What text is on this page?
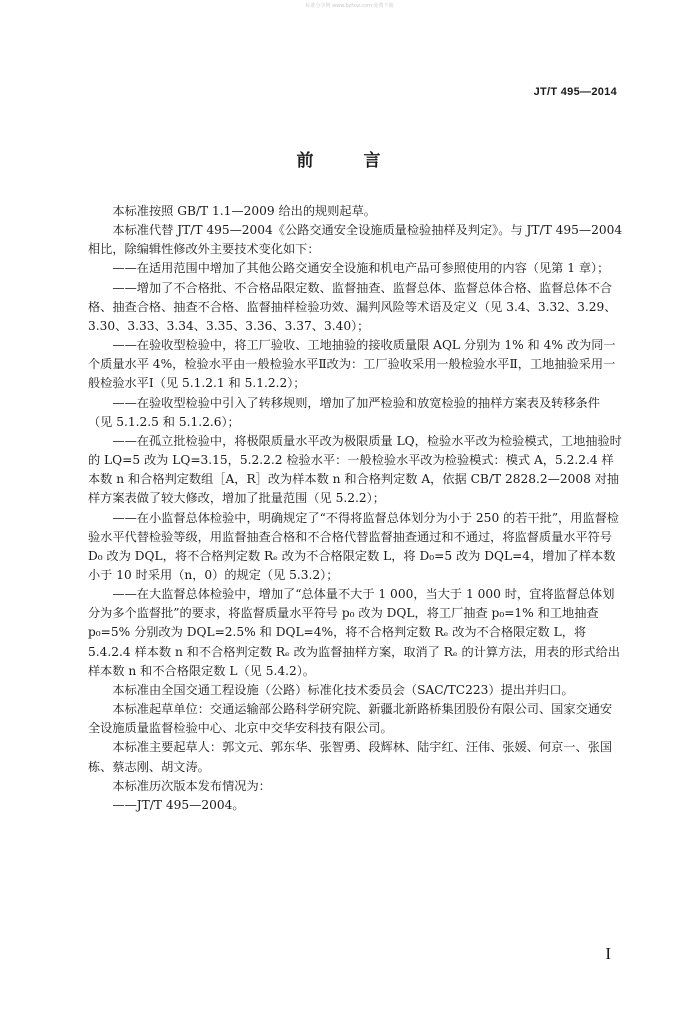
标准分享网 www.bzfxw.com 免费下载
JT/T 495—2014
前 言

本标准按照 GB/T 1.1—2009 给出的规则起草。

本标准代替 JT/T 495—2004《公路交通安全设施质量检验抽样及判定》。与 JT/T 495—2004 相比，除编辑性修改外主要技术变化如下：

——在适用范围中增加了其他公路交通安全设施和机电产品可参照使用的内容（见第 1 章）；

——增加了不合格批、不合格品限定数、监督抽查、监督总体、监督总体合格、监督总体不合格、抽查合格、抽查不合格、监督抽样检验功效、漏判风险等术语及定义（见 3.4、3.32、3.29、3.30、3.33、3.34、3.35、3.36、3.37、3.40）；

——在验收型检验中，将工厂验收、工地抽验的接收质量限 AQL 分别为 1% 和 4% 改为同一个质量水平 4%，检验水平由一般检验水平Ⅱ改为：工厂验收采用一般检验水平Ⅱ，工地抽验采用一般检验水平Ⅰ（见 5.1.2.1 和 5.1.2.2）；

——在验收型检验中引入了转移规则，增加了加严检验和放宽检验的抽样方案表及转移条件（见 5.1.2.5 和 5.1.2.6）；

——在孤立批检验中，将极限质量水平改为极限质量 LQ，检验水平改为检验模式，工地抽验时的 LQ=5 改为 LQ=3.15，5.2.2.2 检验水平：一般检验水平改为检验模式：模式 A，5.2.2.4 样本数 n 和合格判定数组［A，R］改为样本数 n 和合格判定数 A，依据 CB/T 2828.2—2008 对抽样方案表做了较大修改，增加了批量范围（见 5.2.2）；

——在小监督总体检验中，明确规定了“不得将监督总体划分为小于 250 的若干批”，用监督检验水平代替检验等级，用监督抽查合格和不合格代替监督抽查通过和不通过，将监督质量水平符号 D₀ 改为 DQL，将不合格判定数 Rₑ 改为不合格限定数 L，将 D₀=5 改为 DQL=4，增加了样本数小于 10 时采用（n，0）的规定（见 5.3.2）；

——在大监督总体检验中，增加了“总体量不大于 1 000，当大于 1 000 时，宜将监督总体划分为多个监督批”的要求，将监督质量水平符号 p₀ 改为 DQL，将工厂抽查 p₀=1% 和工地抽查 p₀=5% 分别改为 DQL=2.5% 和 DQL=4%，将不合格判定数 Rₑ 改为不合格限定数 L，将 5.4.2.4 样本数 n 和不合格判定数 Rₑ 改为监督抽样方案，取消了 Rₑ 的计算方法，用表的形式给出样本数 n 和不合格限定数 L（见 5.4.2）。

本标准由全国交通工程设施（公路）标准化技术委员会（SAC/TC223）提出并归口。

本标准起草单位：交通运输部公路科学研究院、新疆北新路桥集团股份有限公司、国家交通安全设施质量监督检验中心、北京中交华安科技有限公司。

本标准主要起草人：郭文元、郭东华、张智勇、段辉林、陆宇红、汪伟、张媛、何京一、张国栋、蔡志刚、胡文涛。

本标准历次版本发布情况为：

——JT/T 495—2004。

I
